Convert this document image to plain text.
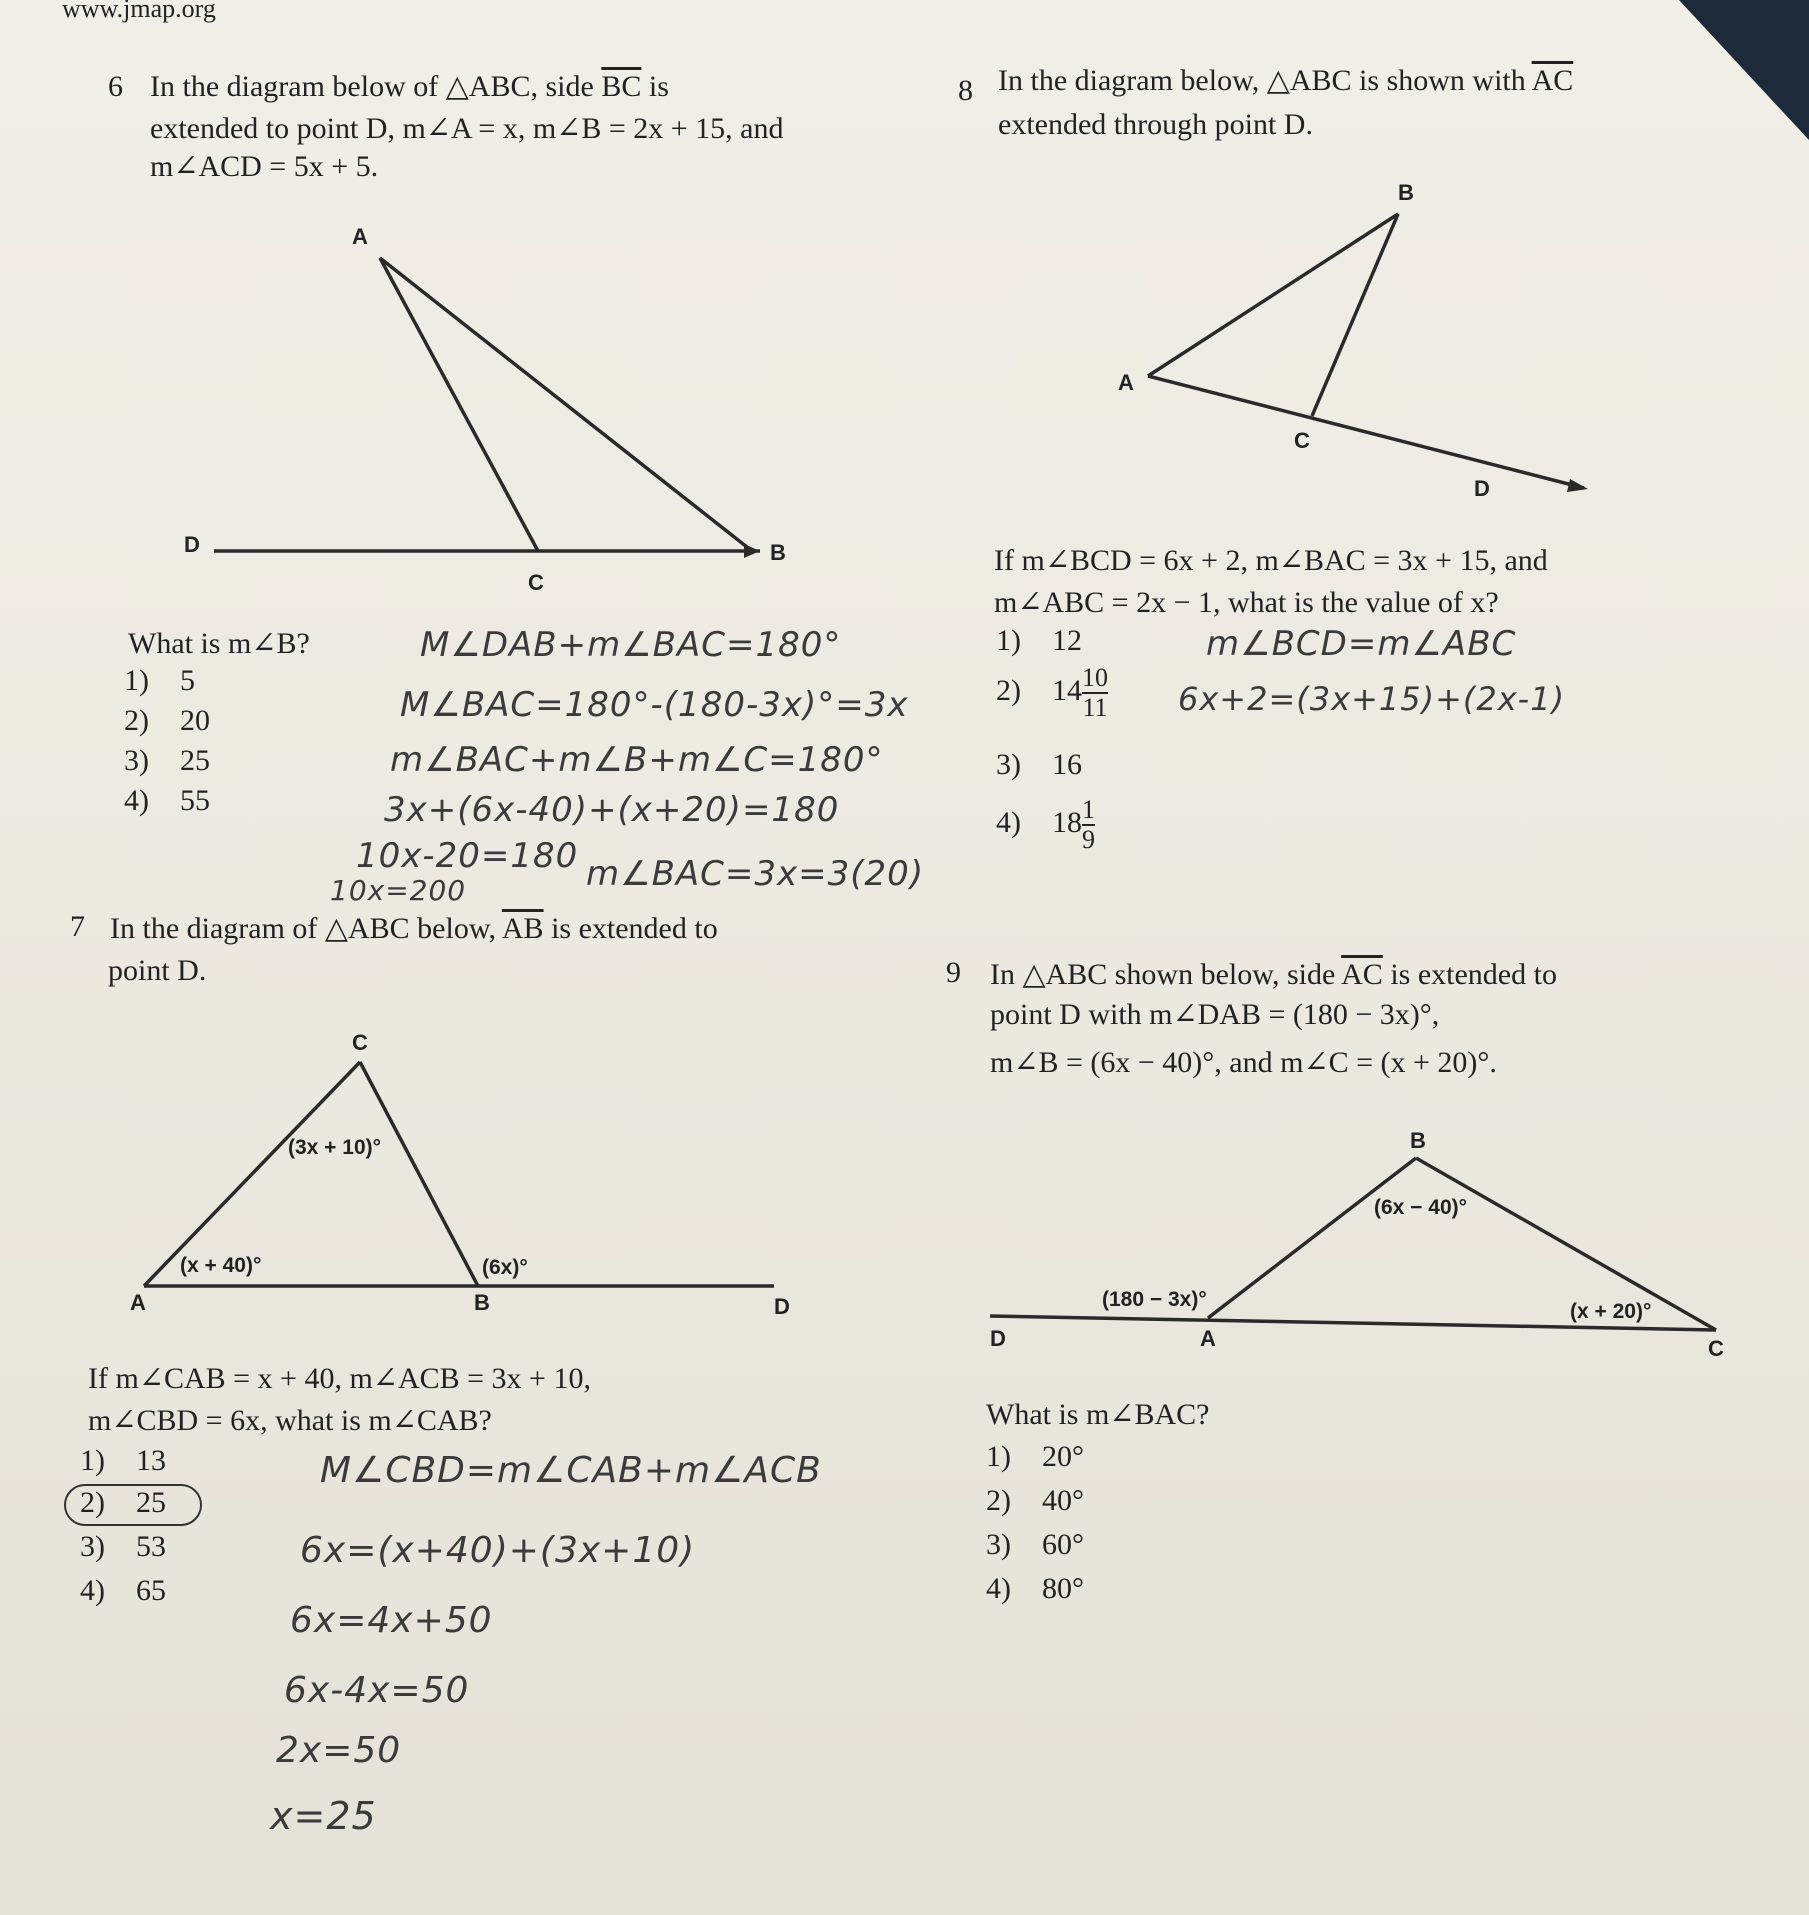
www.jmap.org
6 In the diagram below of △ABC, side $\overline{BC}$ is
extended to point D, m∠A = x, m∠B = 2x + 15, and
m∠ACD = 5x + 5.
A
B
C
D
What is m∠B?
1) 5
2) 20
3) 25
4) 55
M∠DAB+m∠BAC=180°
M∠BAC=180°-(180-3x)°=3x
m∠BAC+m∠B+m∠C=180°
3x+(6x-40)+(x+20)=180
10x-20=180
10x=200	m∠BAC=3x=3(20)
7 In the diagram of △ABC below, $\overline{AB}$ is extended to
point D.
C
A	B	D
(3x + 10)°
(x + 40)°	(6x)°
If m∠CAB = x + 40, m∠ACB = 3x + 10,
m∠CBD = 6x, what is m∠CAB?
1) 13
2) 25
3) 53
4) 65
M∠CBD=m∠CAB+m∠ACB
6x=(x+40)+(3x+10)
6x=4x+50
6x-4x=50
2x=50
x=25
8 In the diagram below, △ABC is shown with $\overline{AC}$
extended through point D.
B
A
C
D
If m∠BCD = 6x + 2, m∠BAC = 3x + 15, and
m∠ABC = 2x − 1, what is the value of x?
1) 12
2) $14 \frac{10}{11}$
3) 16
4) $18 \frac{1}{9}$
m∠BCD=m∠ABC
6x+2=(3x+15)+(2x-1)
9 In △ABC shown below, side $\overline{AC}$ is extended to
point D with m∠DAB = (180 − 3x)°,
m∠B = (6x − 40)°, and m∠C = (x + 20)°.
B
D	A	C
(6x − 40)°
(180 − 3x)°
(x + 20)°
What is m∠BAC?
1) 20°
2) 40°
3) 60°
4) 80°
